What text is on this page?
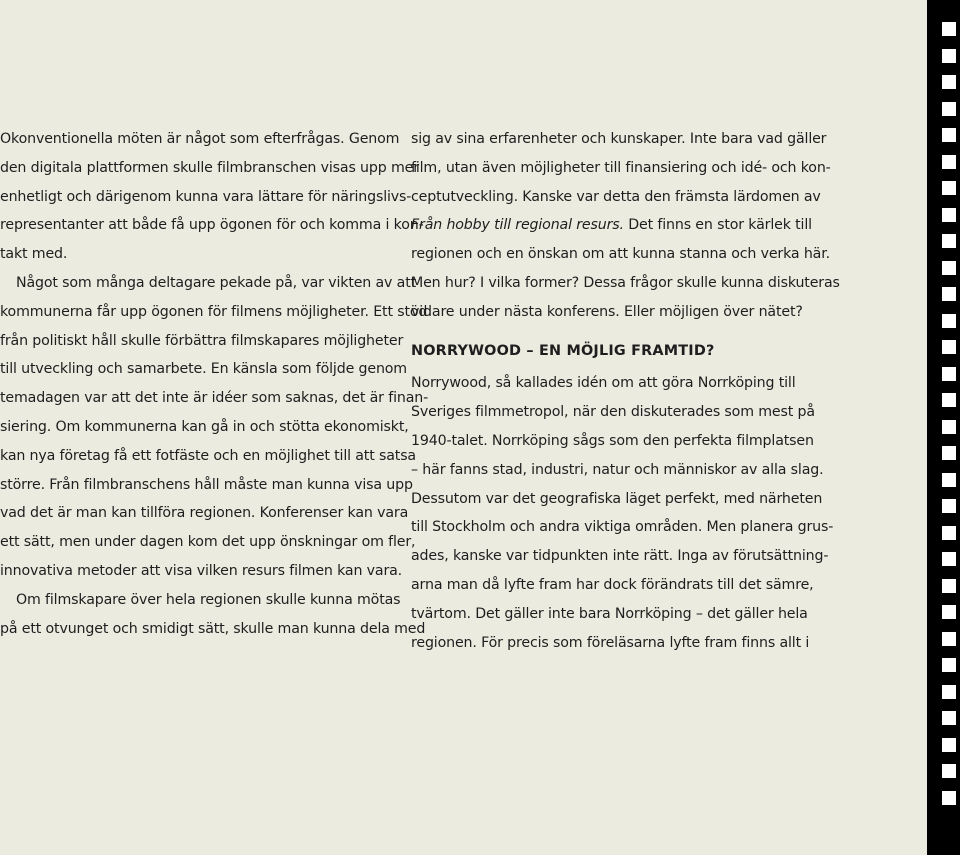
Okonventionella möten är något som efterfrågas. Genom
den digitala plattformen skulle filmbranschen visas upp mer
enhetligt och därigenom kunna vara lättare för näringslivs-
representanter att både få upp ögonen för och komma i kon-
takt med.
Något som många deltagare pekade på, var vikten av att
kommunerna får upp ögonen för filmens möjligheter. Ett stöd
från politiskt håll skulle förbättra filmskapares möjligheter
till utveckling och samarbete. En känsla som följde genom
temadagen var att det inte är idéer som saknas, det är finan-
siering. Om kommunerna kan gå in och stötta ekonomiskt,
kan nya företag få ett fotfäste och en möjlighet till att satsa
större. Från filmbranschens håll måste man kunna visa upp
vad det är man kan tillföra regionen. Konferenser kan vara
ett sätt, men under dagen kom det upp önskningar om fler,
innovativa metoder att visa vilken resurs filmen kan vara.
Om filmskapare över hela regionen skulle kunna mötas
på ett otvunget och smidigt sätt, skulle man kunna dela med
sig av sina erfarenheter och kunskaper. Inte bara vad gäller
film, utan även möjligheter till finansiering och idé- och kon-
ceptutveckling. Kanske var detta den främsta lärdomen av
Från hobby till regional resurs. Det finns en stor kärlek till
regionen och en önskan om att kunna stanna och verka här.
Men hur? I vilka former? Dessa frågor skulle kunna diskuteras
vidare under nästa konferens. Eller möjligen över nätet?
NORRYWOOD – EN MÖJLIG FRAMTID?
Norrywood, så kallades idén om att göra Norrköping till
Sveriges filmmetropol, när den diskuterades som mest på
1940-talet. Norrköping sågs som den perfekta filmplatsen
– här fanns stad, industri, natur och människor av alla slag.
Dessutom var det geografiska läget perfekt, med närheten
till Stockholm och andra viktiga områden. Men planera grus-
ades, kanske var tidpunkten inte rätt. Inga av förutsättning-
arna man då lyfte fram har dock förändrats till det sämre,
tvärtom. Det gäller inte bara Norrköping – det gäller hela
regionen. För precis som föreläsarna lyfte fram finns allt i
